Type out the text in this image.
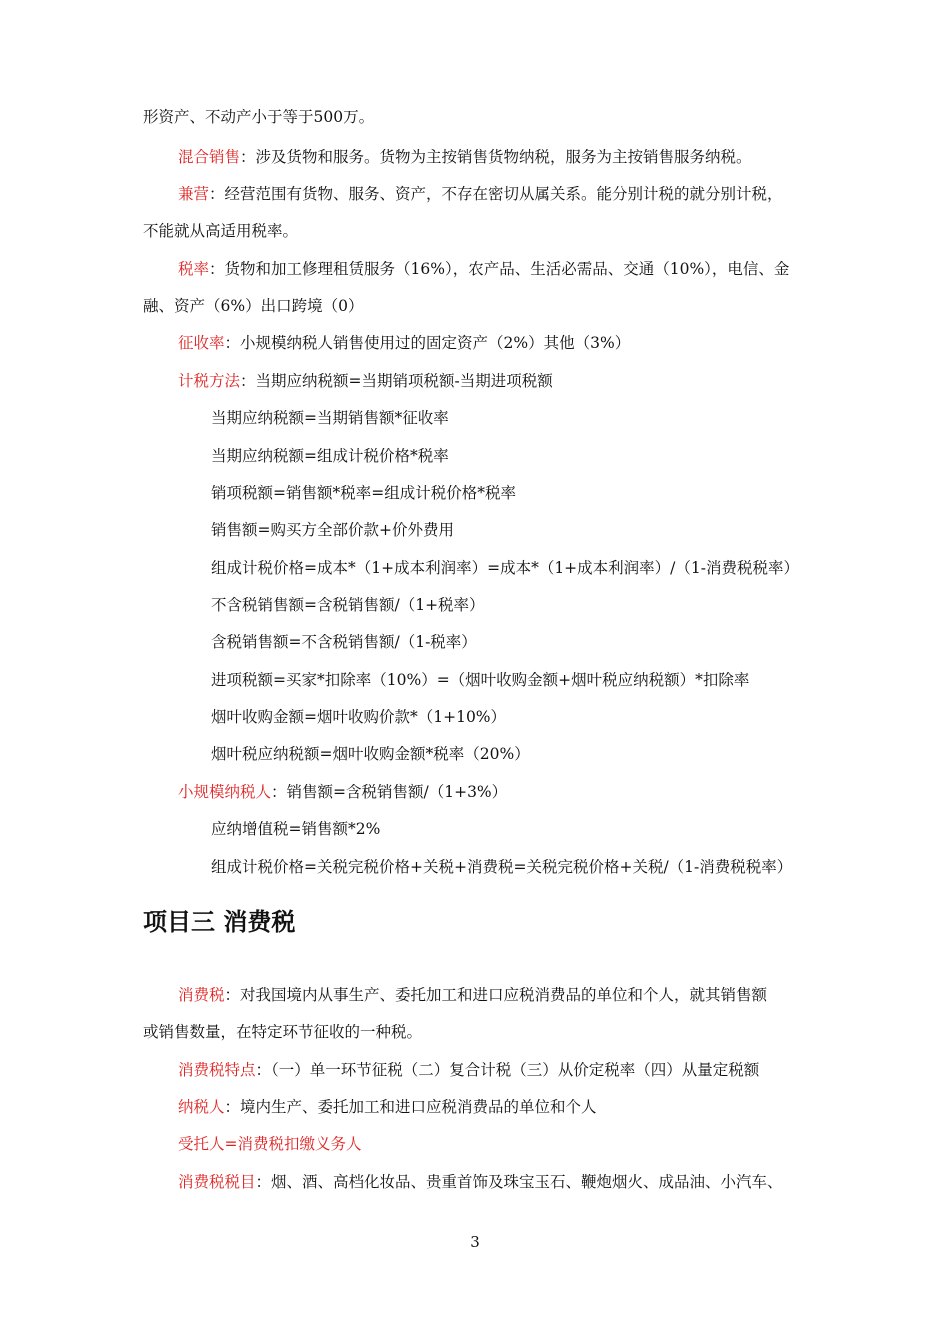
形资产、不动产小于等于500万。
混合销售：涉及货物和服务。货物为主按销售货物纳税，服务为主按销售服务纳税。
兼营：经营范围有货物、服务、资产，不存在密切从属关系。能分别计税的就分别计税，
不能就从高适用税率。
税率：货物和加工修理租赁服务（16%），农产品、生活必需品、交通（10%），电信、金
融、资产（6%）出口跨境（0）
征收率：小规模纳税人销售使用过的固定资产（2%）其他（3%）
计税方法：当期应纳税额=当期销项税额-当期进项税额
当期应纳税额=当期销售额*征收率
当期应纳税额=组成计税价格*税率
销项税额=销售额*税率=组成计税价格*税率
销售额=购买方全部价款+价外费用
组成计税价格=成本*（1+成本利润率）=成本*（1+成本利润率）/（1-消费税税率）
不含税销售额=含税销售额/（1+税率）
含税销售额=不含税销售额/（1-税率）
进项税额=买家*扣除率（10%）=（烟叶收购金额+烟叶税应纳税额）*扣除率
烟叶收购金额=烟叶收购价款*（1+10%）
烟叶税应纳税额=烟叶收购金额*税率（20%）
小规模纳税人：销售额=含税销售额/（1+3%）
应纳增值税=销售额*2%
组成计税价格=关税完税价格+关税+消费税=关税完税价格+关税/（1-消费税税率）
项目三 消费税
消费税：对我国境内从事生产、委托加工和进口应税消费品的单位和个人，就其销售额
或销售数量，在特定环节征收的一种税。
消费税特点：（一）单一环节征税（二）复合计税（三）从价定税率（四）从量定税额
纳税人：境内生产、委托加工和进口应税消费品的单位和个人
受托人=消费税扣缴义务人
消费税税目：烟、酒、高档化妆品、贵重首饰及珠宝玉石、鞭炮烟火、成品油、小汽车、
3
